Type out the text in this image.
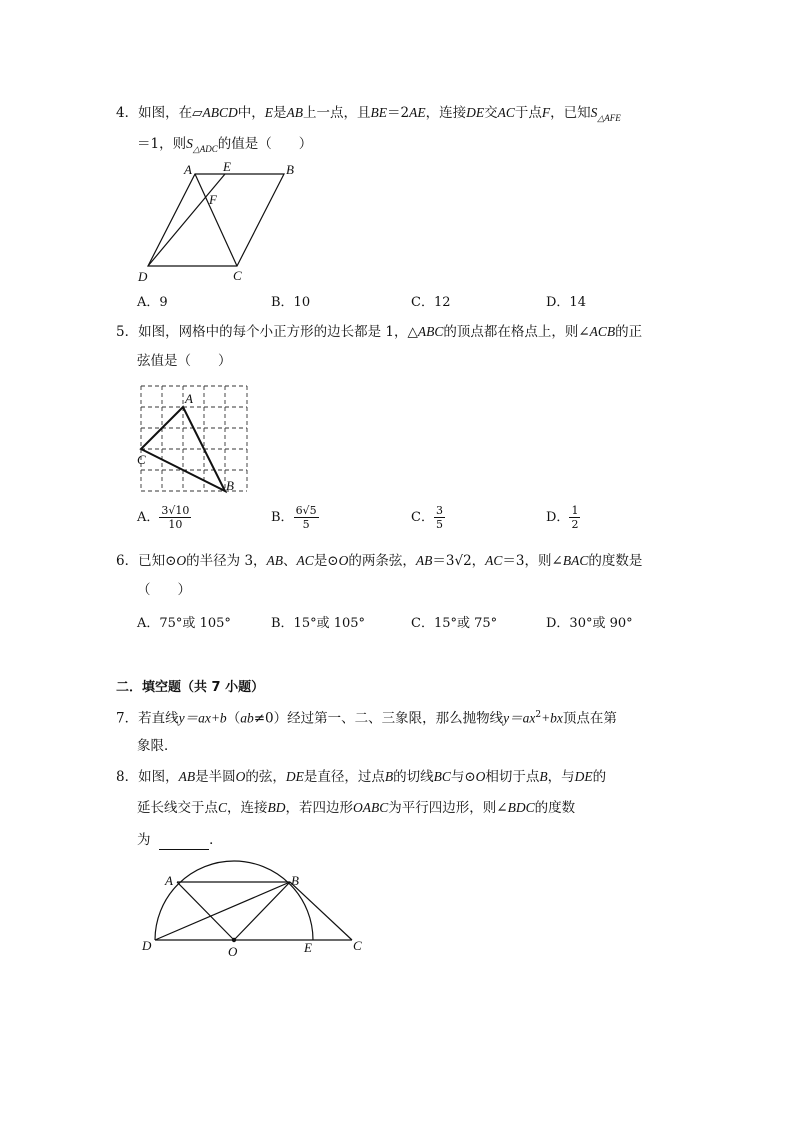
4．如图，在▱ABCD中，E是AB上一点，且BE＝2AE，连接DE交AC于点F，已知$S_{\triangle AFE}$
＝1，则$S_{\triangle ADC}$的值是（　　）
A E	B
F
D	C
A．9	B．10	C．12	D．14
5．如图，网格中的每个小正方形的边长都是 1，△ABC的顶点都在格点上，则∠ACB的正
弦值是（　　）
A
B
C
A． $\frac{3√10}{10}$	B． $\frac{6√5}{5}$	C． $\frac{3}{5}$	D． $\frac{1}{2}$
6．已知⊙O的半径为 3，AB、AC是⊙O的两条弦，AB＝3√2，AC＝3，则∠BAC的度数是
（　　）
A．75°或 105°	B．15°或 105°	C．15°或 75°	D．30°或 90°
二．填空题（共 7 小题）
7．若直线y＝ax+b（ab≠0）经过第一、二、三象限，那么抛物线$y=ax^2+bx$顶点在第
象限．
8．如图，AB是半圆O的弦，DE是直径，过点B的切线BC与⊙O相切于点B，与DE的
延长线交于点C，连接BD，若四边形OABC为平行四边形，则∠BDC的度数
为	．
A	B
D	O	E	C
